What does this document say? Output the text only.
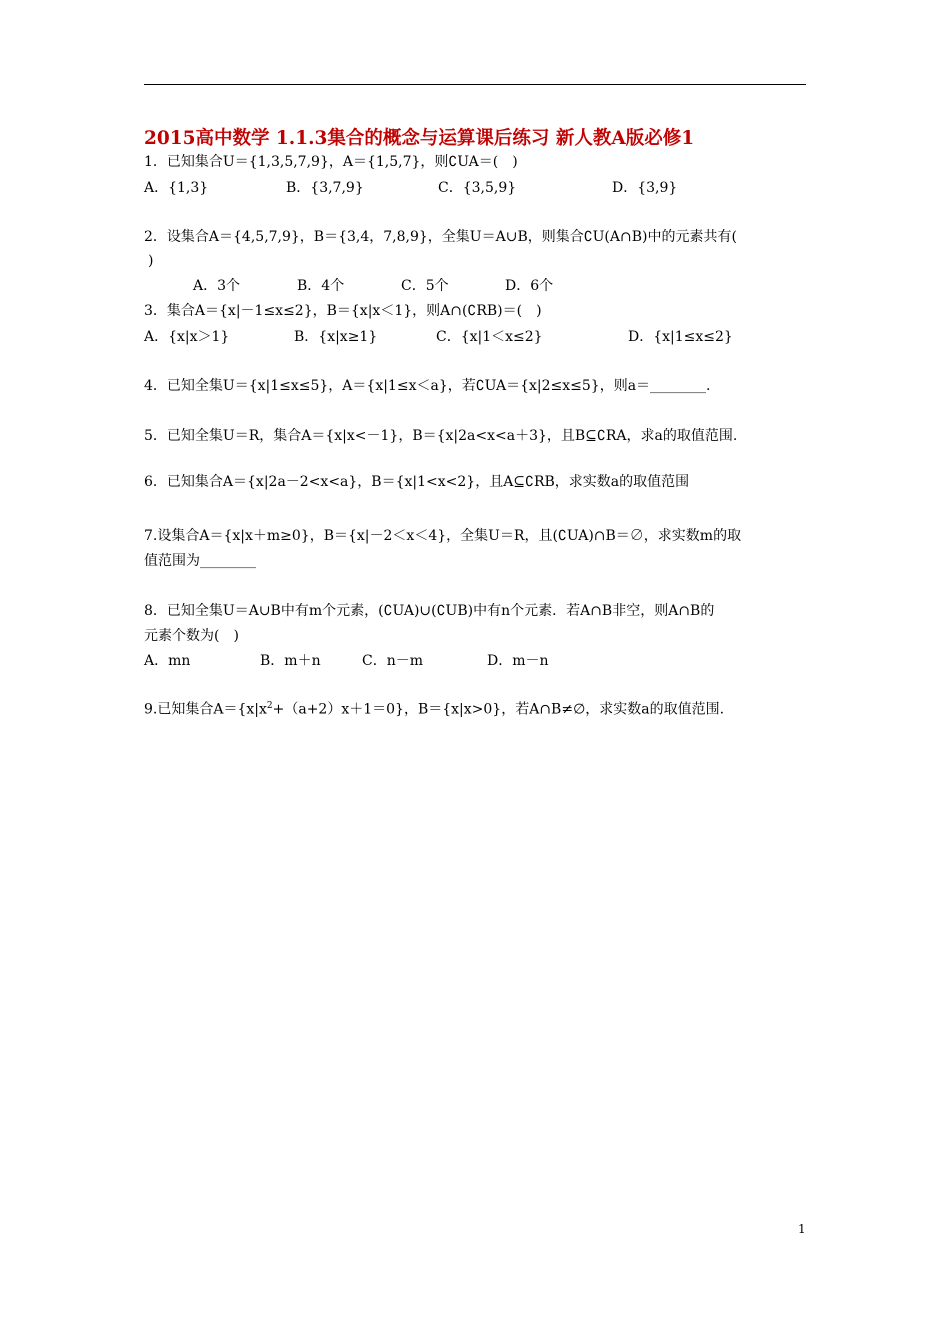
2015高中数学 1.1.3集合的概念与运算课后练习 新人教A版必修1
1．已知集合U＝{1,3,5,7,9}，A＝{1,5,7}，则∁UA＝(　)
A．{1,3}	B．{3,7,9}	C．{3,5,9}	D．{3,9}
2．设集合A＝{4,5,7,9}，B＝{3,4，7,8,9}，全集U＝A∪B，则集合∁U(A∩B)中的元素共有(
)
A．3个	B．4个	C．5个	D．6个
3．集合A＝{x|－1≤x≤2}，B＝{x|x＜1}，则A∩(∁RB)＝(　)
A．{x|x＞1}	B．{x|x≥1}	C．{x|1＜x≤2}	D．{x|1≤x≤2}
4．已知全集U＝{x|1≤x≤5}，A＝{x|1≤x＜a}，若∁UA＝{x|2≤x≤5}，则a＝________.
5．已知全集U＝R，集合A＝{x|x<－1}，B＝{x|2a<x<a＋3}，且B⊆∁RA，求a的取值范围.
6．已知集合A＝{x|2a－2<x<a}，B＝{x|1<x<2}，且A⊆∁RB，求实数a的取值范围
7.设集合A＝{x|x＋m≥0}，B＝{x|－2＜x＜4}，全集U＝R，且(∁UA)∩B＝∅，求实数m的取
值范围为________
8．已知全集U＝A∪B中有m个元素，(∁UA)∪(∁UB)中有n个元素．若A∩B非空，则A∩B的
元素个数为(　)
A．mn	B．m＋n	C．n－m	D．m－n
9.已知集合$A=\{x|x^2+(a+2)x+1=0\}$，B＝{x|x>0}，若A∩B≠∅，求实数a的取值范围.
1
